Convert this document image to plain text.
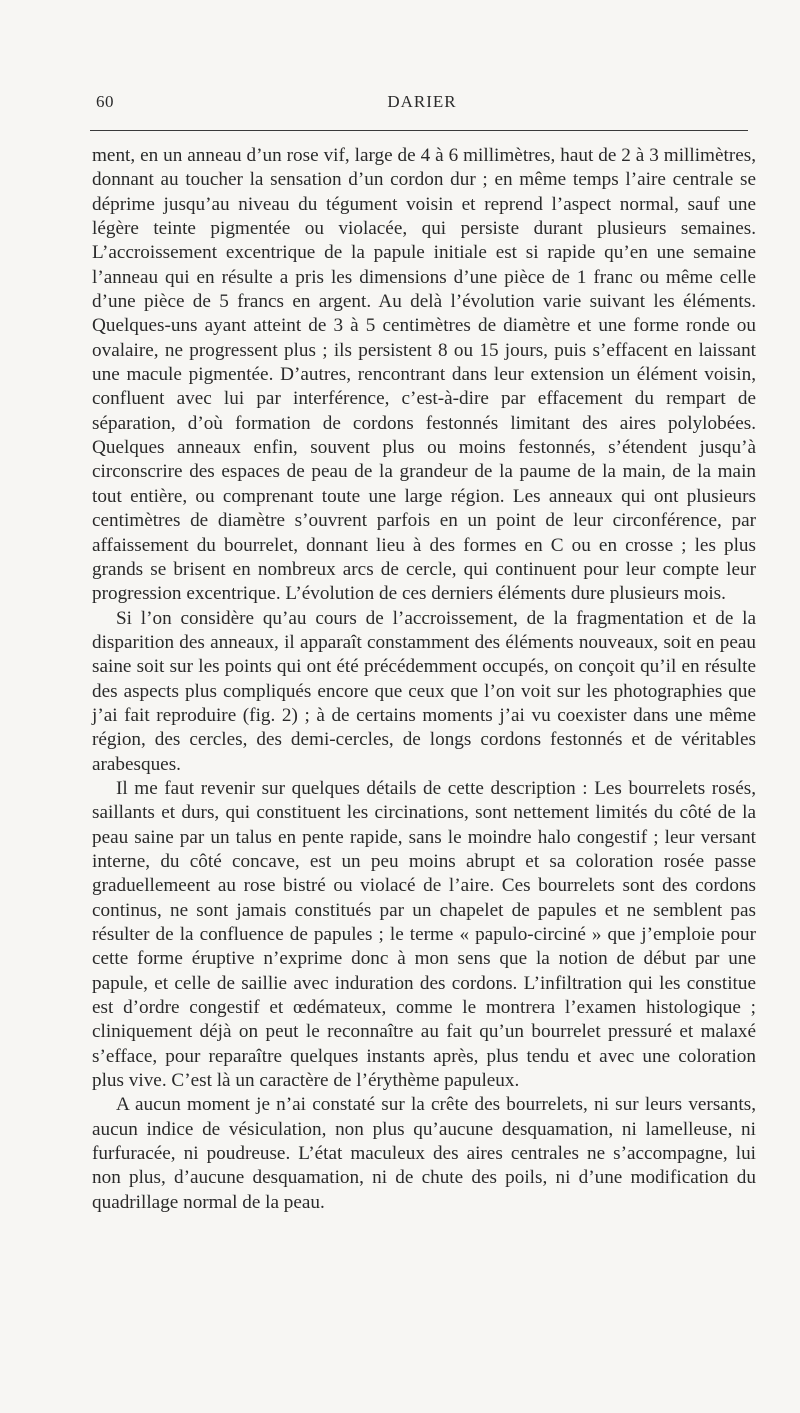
60	DARIER

ment, en un anneau d’un rose vif, large de 4 à 6 millimètres, haut de 2 à 3 millimètres, donnant au toucher la sensation d’un cordon dur ; en même temps l’aire centrale se déprime jusqu’au niveau du tégument voisin et reprend l’aspect normal, sauf une légère teinte pigmentée ou violacée, qui persiste durant plusieurs semaines. L’accroissement excentrique de la papule initiale est si rapide qu’en une semaine l’anneau qui en résulte a pris les dimensions d’une pièce de 1 franc ou même celle d’une pièce de 5 francs en argent. Au delà l’évolution varie suivant les éléments. Quelques-uns ayant atteint de 3 à 5 centimètres de diamètre et une forme ronde ou ovalaire, ne progressent plus ; ils persistent 8 ou 15 jours, puis s’effacent en laissant une macule pigmentée. D’autres, rencontrant dans leur extension un élément voisin, confluent avec lui par interférence, c’est-à-dire par effacement du rempart de séparation, d’où formation de cordons festonnés limitant des aires polylobées. Quelques anneaux enfin, souvent plus ou moins festonnés, s’étendent jusqu’à circonscrire des espaces de peau de la grandeur de la paume de la main, de la main tout entière, ou comprenant toute une large région. Les anneaux qui ont plusieurs centimètres de diamètre s’ouvrent parfois en un point de leur circonférence, par affaissement du bourrelet, donnant lieu à des formes en C ou en crosse ; les plus grands se brisent en nombreux arcs de cercle, qui continuent pour leur compte leur progression excentrique. L’évolution de ces derniers éléments dure plusieurs mois.

Si l’on considère qu’au cours de l’accroissement, de la fragmentation et de la disparition des anneaux, il apparaît constamment des éléments nouveaux, soit en peau saine soit sur les points qui ont été précédemment occupés, on conçoit qu’il en résulte des aspects plus compliqués encore que ceux que l’on voit sur les photographies que j’ai fait reproduire (fig. 2) ; à de certains moments j’ai vu coexister dans une même région, des cercles, des demi-cercles, de longs cordons festonnés et de véritables arabesques.

Il me faut revenir sur quelques détails de cette description : Les bourrelets rosés, saillants et durs, qui constituent les circinations, sont nettement limités du côté de la peau saine par un talus en pente rapide, sans le moindre halo congestif ; leur versant interne, du côté concave, est un peu moins abrupt et sa coloration rosée passe graduellemeent au rose bistré ou violacé de l’aire. Ces bourrelets sont des cordons continus, ne sont jamais constitués par un chapelet de papules et ne semblent pas résulter de la confluence de papules ; le terme « papulo-circiné » que j’emploie pour cette forme éruptive n’exprime donc à mon sens que la notion de début par une papule, et celle de saillie avec induration des cordons. L’infiltration qui les constitue est d’ordre congestif et œdémateux, comme le montrera l’examen histologique ; cliniquement déjà on peut le reconnaître au fait qu’un bourrelet pressuré et malaxé s’efface, pour reparaître quelques instants après, plus tendu et avec une coloration plus vive. C’est là un caractère de l’érythème papuleux.

A aucun moment je n’ai constaté sur la crête des bourrelets, ni sur leurs versants, aucun indice de vésiculation, non plus qu’aucune desquamation, ni lamelleuse, ni furfuracée, ni poudreuse. L’état maculeux des aires centrales ne s’accompagne, lui non plus, d’aucune desquamation, ni de chute des poils, ni d’une modification du quadrillage normal de la peau.
